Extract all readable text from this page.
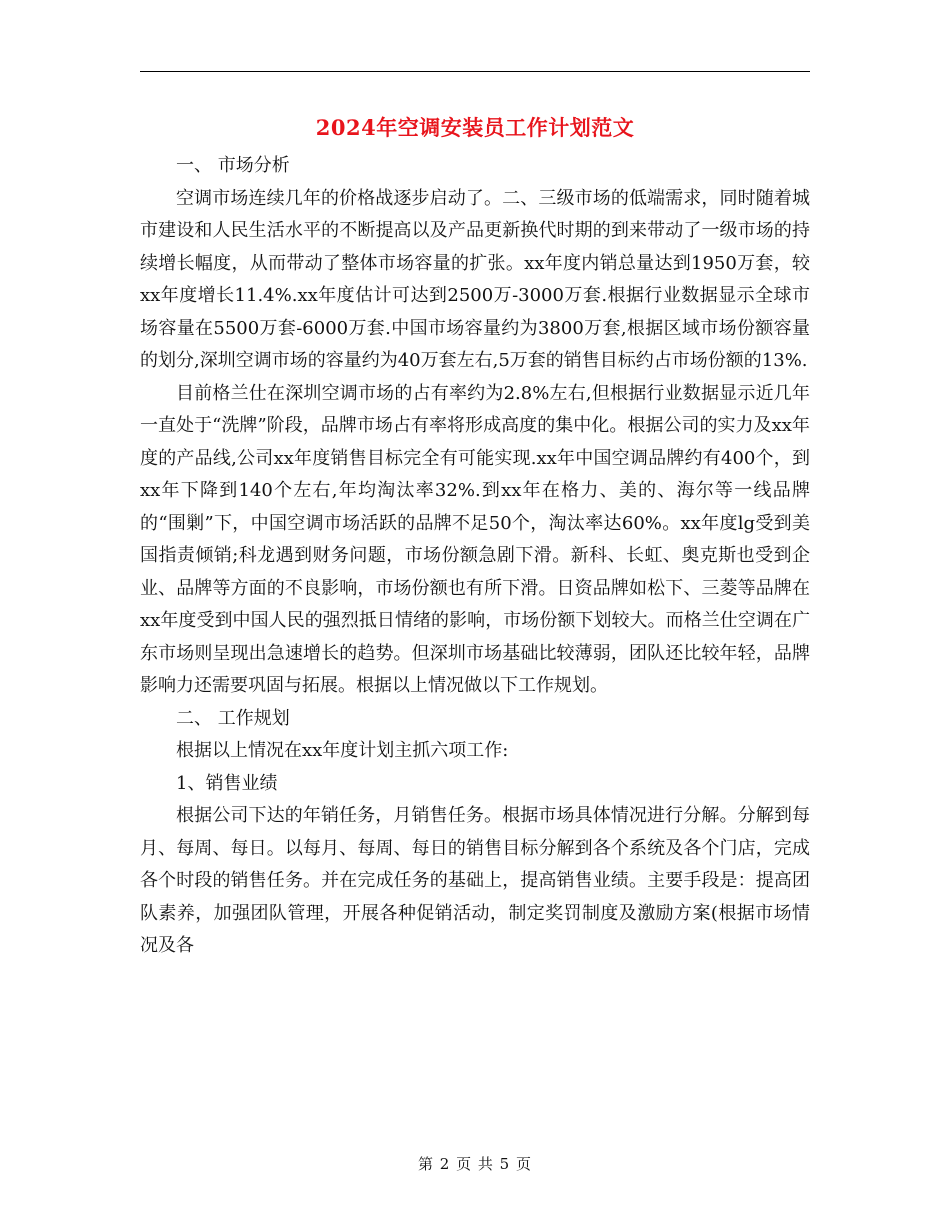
2024年空调安装员工作计划范文

一、 市场分析

空调市场连续几年的价格战逐步启动了。二、三级市场的低端需求，同时随着城市建设和人民生活水平的不断提高以及产品更新换代时期的到来带动了一级市场的持续增长幅度，从而带动了整体市场容量的扩张。xx年度内销总量达到1950万套，较xx年度增长11.4%.xx年度估计可达到2500万-3000万套.根据行业数据显示全球市场容量在5500万套-6000万套.中国市场容量约为3800万套,根据区域市场份额容量的划分,深圳空调市场的容量约为40万套左右,5万套的销售目标约占市场份额的13%.

目前格兰仕在深圳空调市场的占有率约为2.8%左右,但根据行业数据显示近几年一直处于“洗牌”阶段，品牌市场占有率将形成高度的集中化。根据公司的实力及xx年度的产品线,公司xx年度销售目标完全有可能实现.xx年中国空调品牌约有400个，到xx年下降到140个左右,年均淘汰率32%.到xx年在格力、美的、海尔等一线品牌的“围剿”下，中国空调市场活跃的品牌不足50个，淘汰率达60%。xx年度lg受到美国指责倾销;科龙遇到财务问题，市场份额急剧下滑。新科、长虹、奥克斯也受到企业、品牌等方面的不良影响，市场份额也有所下滑。日资品牌如松下、三菱等品牌在xx年度受到中国人民的强烈抵日情绪的影响，市场份额下划较大。而格兰仕空调在广东市场则呈现出急速增长的趋势。但深圳市场基础比较薄弱，团队还比较年轻，品牌影响力还需要巩固与拓展。根据以上情况做以下工作规划。

二、 工作规划

根据以上情况在xx年度计划主抓六项工作:

1、销售业绩

根据公司下达的年销任务，月销售任务。根据市场具体情况进行分解。分解到每月、每周、每日。以每月、每周、每日的销售目标分解到各个系统及各个门店，完成各个时段的销售任务。并在完成任务的基础上，提高销售业绩。主要手段是：提高团队素养，加强团队管理，开展各种促销活动，制定奖罚制度及激励方案(根据市场情况及各

第 2 页 共 5 页
